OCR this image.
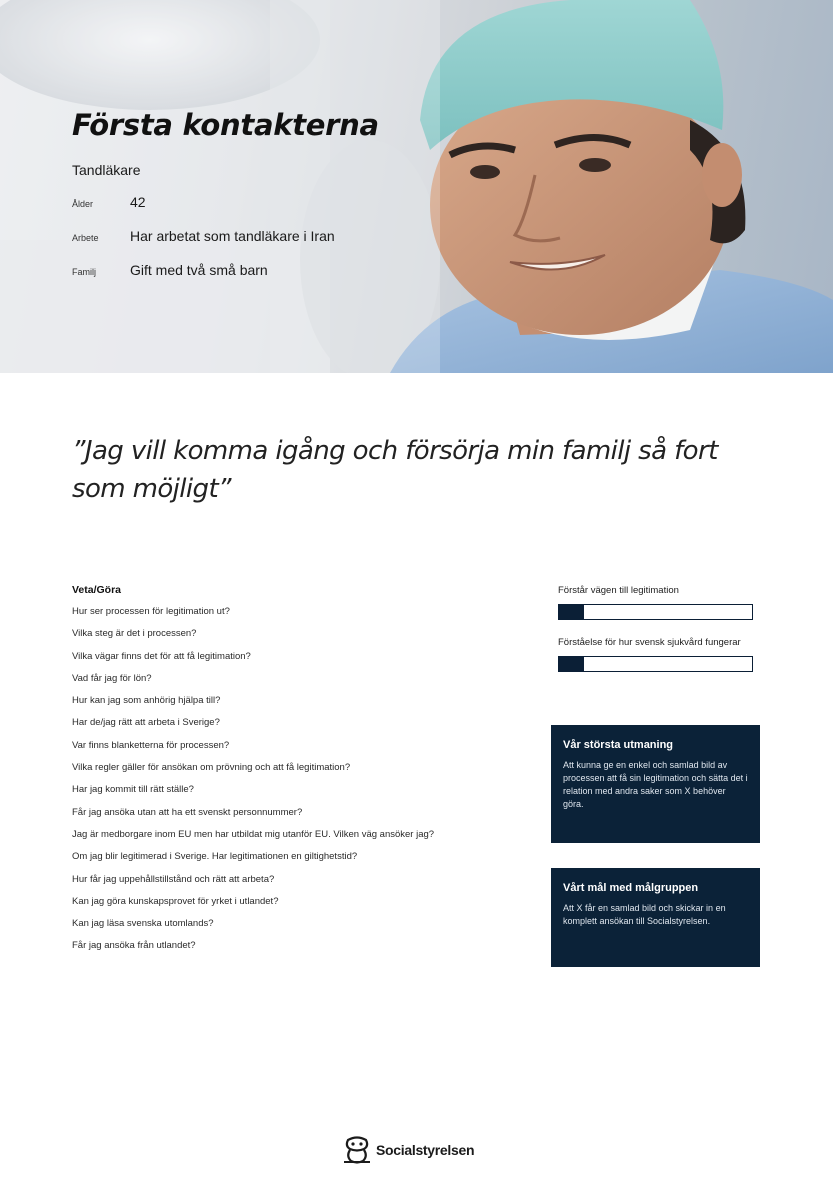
Första kontakterna
Tandläkare
Ålder	42
Arbete	Har arbetat som tandläkare i Iran
Familj	Gift med två små barn
”Jag vill komma igång och försörja min familj så fort som möjligt”
Veta/Göra
Hur ser processen för legitimation ut?
Vilka steg är det i processen?
Vilka vägar finns det för att få legitimation?
Vad får jag för lön?
Hur kan jag som anhörig hjälpa till?
Har de/jag rätt att arbeta i Sverige?
Var finns blanketterna för processen?
Vilka regler gäller för ansökan om prövning och att få legitimation?
Har jag kommit till rätt ställe?
Får jag ansöka utan att ha ett svenskt personnummer?
Jag är medborgare inom EU men har utbildat mig utanför EU. Vilken väg ansöker jag?
Om jag blir legitimerad i Sverige. Har legitimationen en giltighetstid?
Hur får jag uppehållstillstånd och rätt att arbeta?
Kan jag göra kunskapsprovet för yrket i utlandet?
Kan jag läsa svenska utomlands?
Får jag ansöka från utlandet?
Förstår vägen till legitimation
Förståelse för hur svensk sjukvård fungerar
Vår största utmaning
Att kunna ge en enkel och samlad bild av processen att få sin legitimation och sätta det i relation med andra saker som X behöver göra.
Vårt mål med målgruppen
Att X får en samlad bild och skickar in en komplett ansökan till Socialstyrelsen.
Socialstyrelsen
